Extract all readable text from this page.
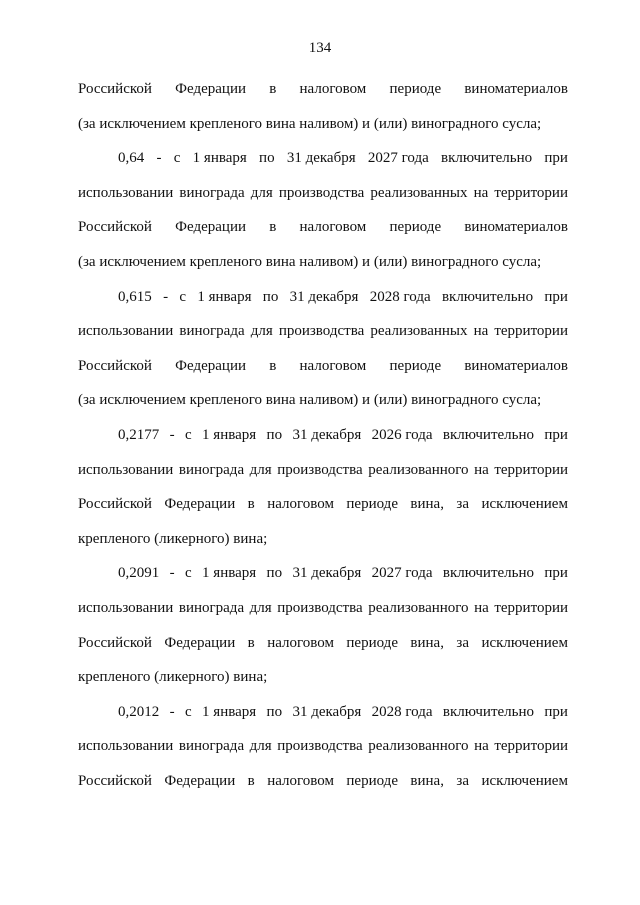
134
Российской Федерации в налоговом периоде виноматериалов
(за исключением крепленого вина наливом) и (или) виноградного сусла;
0,64 - с 1 января по 31 декабря 2027 года включительно при
использовании винограда для производства реализованных на территории
Российской Федерации в налоговом периоде виноматериалов
(за исключением крепленого вина наливом) и (или) виноградного сусла;
0,615 - с 1 января по 31 декабря 2028 года включительно при
использовании винограда для производства реализованных на территории
Российской Федерации в налоговом периоде виноматериалов
(за исключением крепленого вина наливом) и (или) виноградного сусла;
0,2177 - с 1 января по 31 декабря 2026 года включительно при
использовании винограда для производства реализованного на территории
Российской Федерации в налоговом периоде вина, за исключением
крепленого (ликерного) вина;
0,2091 - с 1 января по 31 декабря 2027 года включительно при
использовании винограда для производства реализованного на территории
Российской Федерации в налоговом периоде вина, за исключением
крепленого (ликерного) вина;
0,2012 - с 1 января по 31 декабря 2028 года включительно при
использовании винограда для производства реализованного на территории
Российской Федерации в налоговом периоде вина, за исключением
